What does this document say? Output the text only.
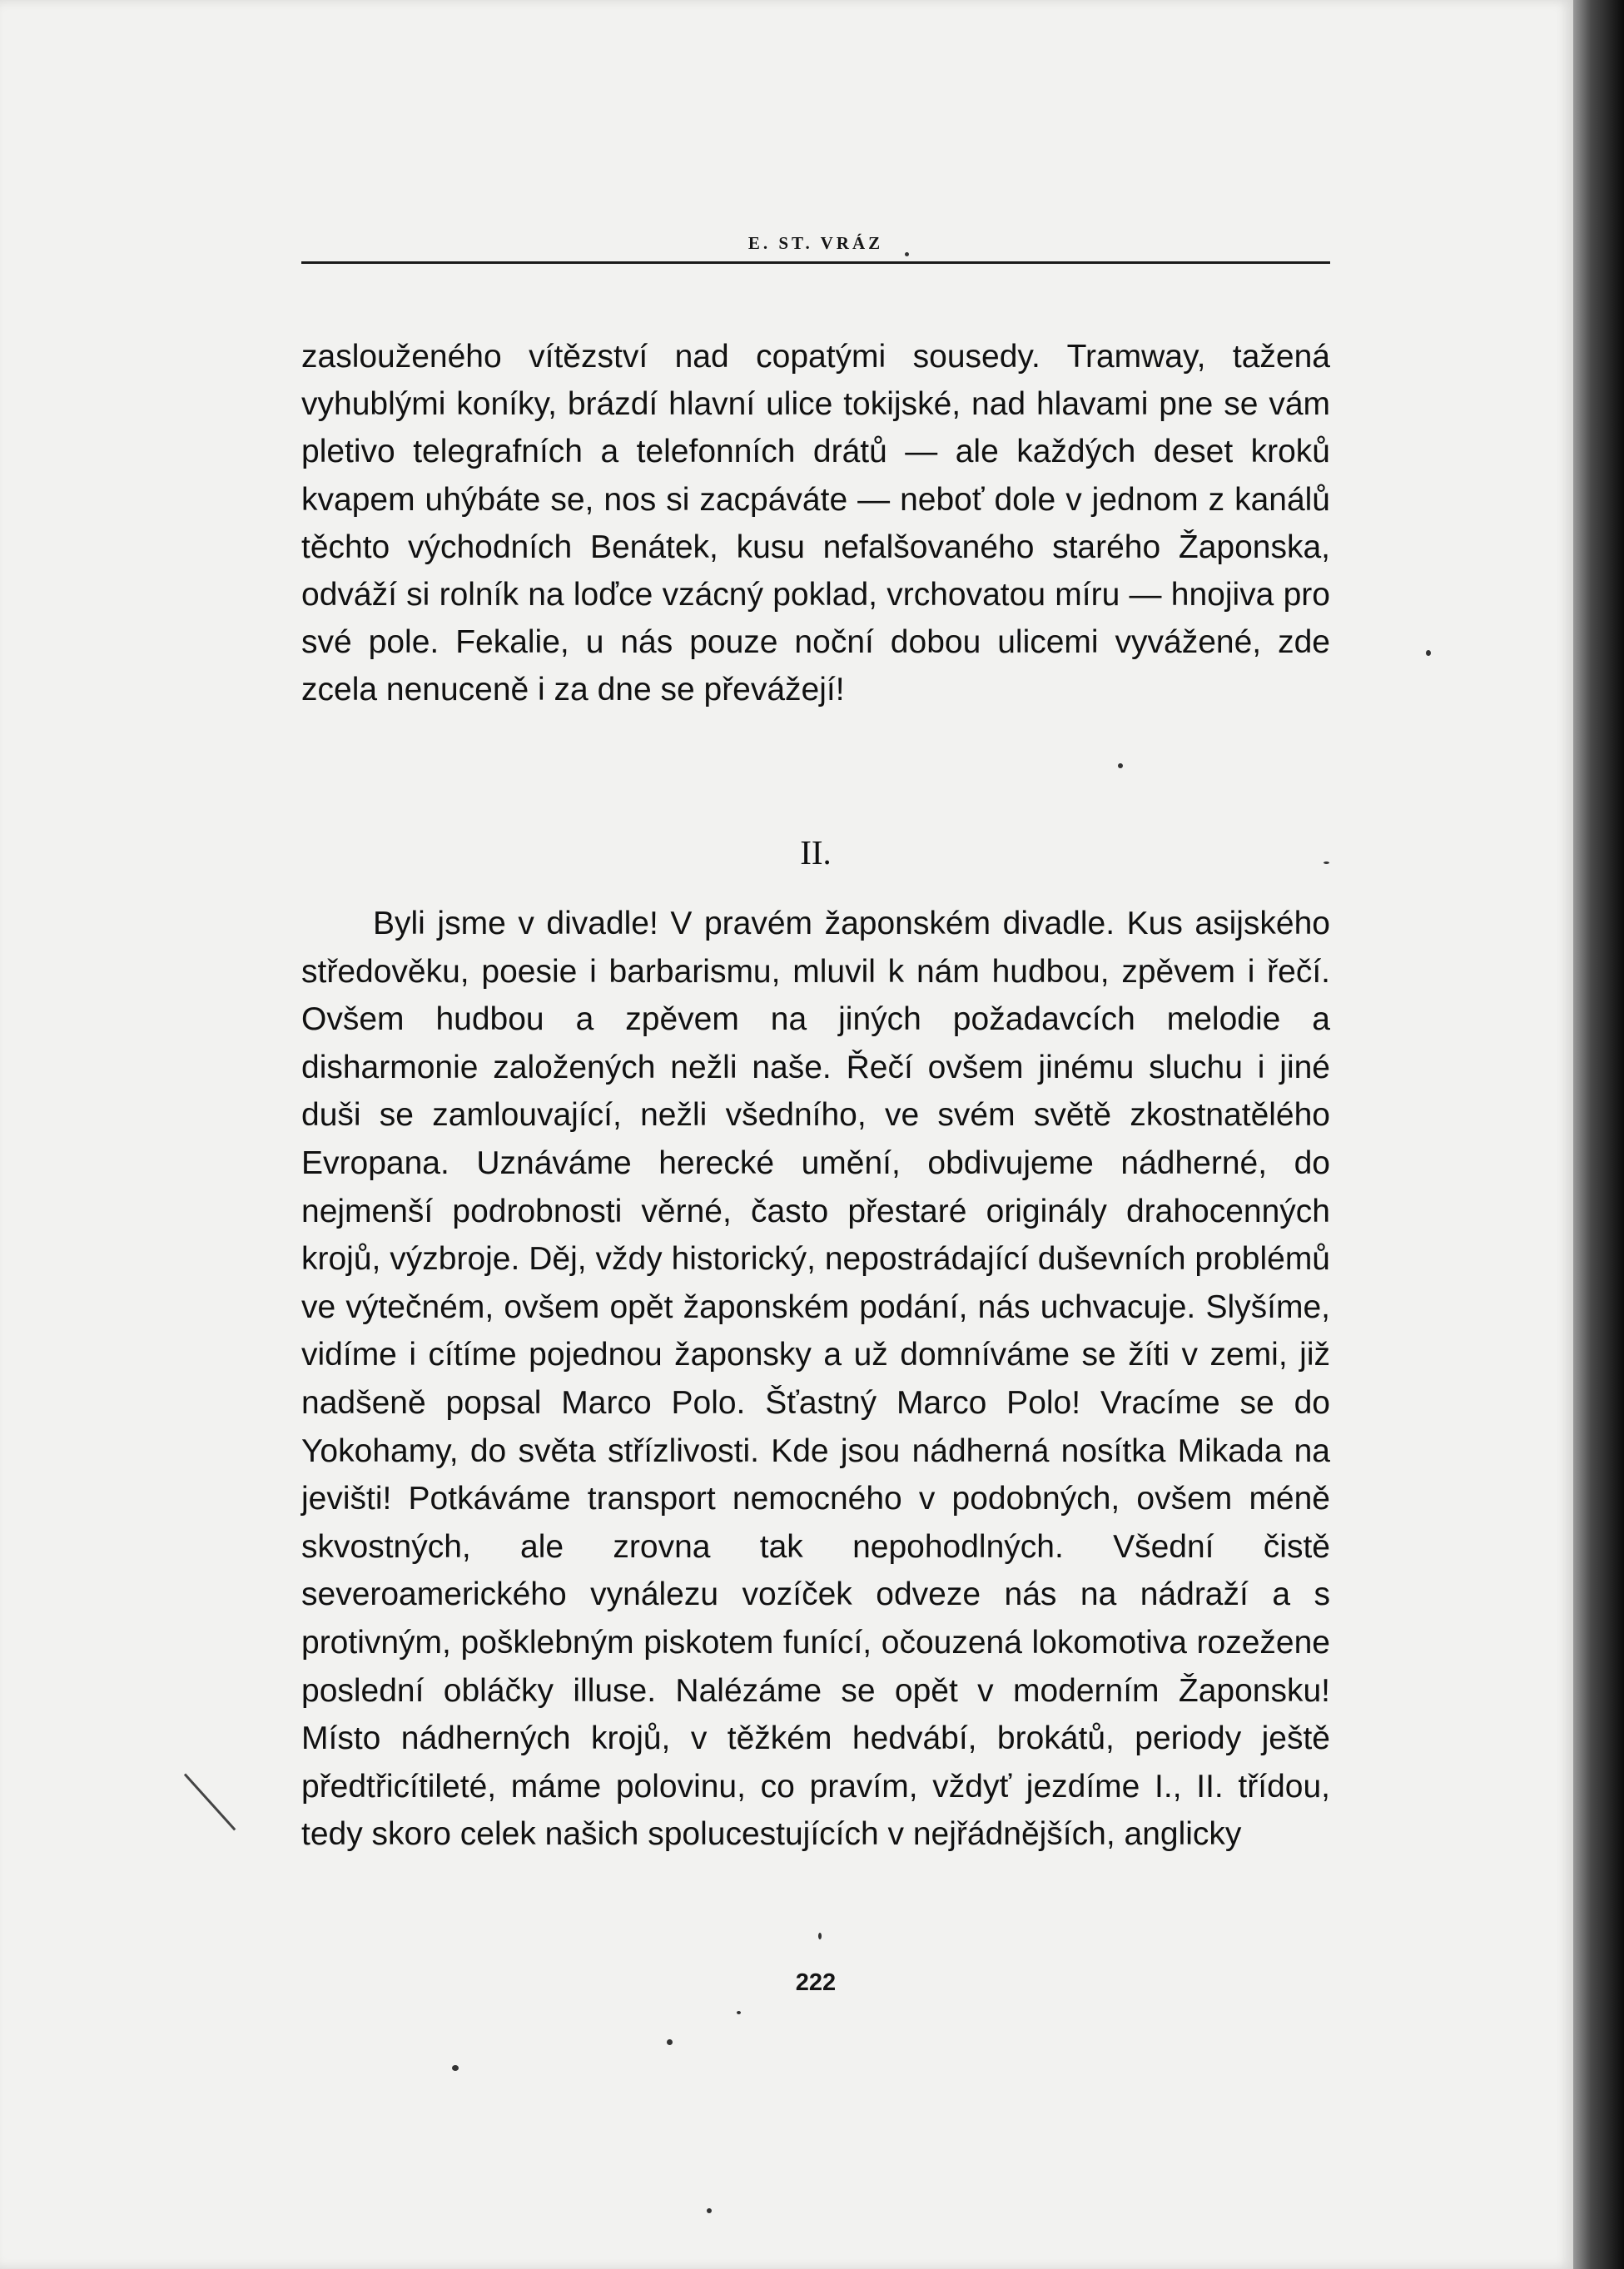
E. ST. VRÁZ

zaslouženého vítězství nad copatými sousedy. Tramway, tažená vyhublými koníky, brázdí hlavní ulice tokijské, nad hlavami pne se vám pletivo telegrafních a telefonních drátů — ale každých deset kroků kvapem uhýbáte se, nos si zacpáváte — neboť dole v jednom z kanálů těchto východních Benátek, kusu nefalšovaného starého Žaponska, odváží si rolník na loďce vzácný poklad, vrchovatou míru — hnojiva pro své pole. Fekalie, u nás pouze noční dobou ulicemi vyvážené, zde zcela nenuceně i za dne se převážejí!

II.

Byli jsme v divadle! V pravém žaponském divadle. Kus asijského středověku, poesie i barbarismu, mluvil k nám hudbou, zpěvem i řečí. Ovšem hudbou a zpěvem na jiných požadavcích melodie a disharmonie založených nežli naše. Řečí ovšem jinému sluchu i jiné duši se zamlouvající, nežli všedního, ve svém světě zkostnatělého Evropana. Uznáváme herecké umění, obdivujeme nádherné, do nejmenší podrobnosti věrné, často přestaré originály drahocenných krojů, výzbroje. Děj, vždy historický, nepostrádající duševních problémů ve výtečném, ovšem opět žaponském podání, nás uchvacuje. Slyšíme, vidíme i cítíme pojednou žaponsky a už domníváme se žíti v zemi, již nadšeně popsal Marco Polo. Šťastný Marco Polo! Vracíme se do Yokohamy, do světa střízlivosti. Kde jsou nádherná nosítka Mikada na jevišti! Potkáváme transport nemocného v podobných, ovšem méně skvostných, ale zrovna tak nepohodlných. Všední čistě severoamerického vynálezu vozíček odveze nás na nádraží a s protivným, pošklebným piskotem funící, očouzená lokomotiva rozežene poslední obláčky illuse. Nalézáme se opět v moderním Žaponsku! Místo nádherných krojů, v těžkém hedvábí, brokátů, periody ještě předtřicítileté, máme polovinu, co pravím, vždyť jezdíme I., II. třídou, tedy skoro celek našich spolucestujících v nejřádnějších, anglicky

222
